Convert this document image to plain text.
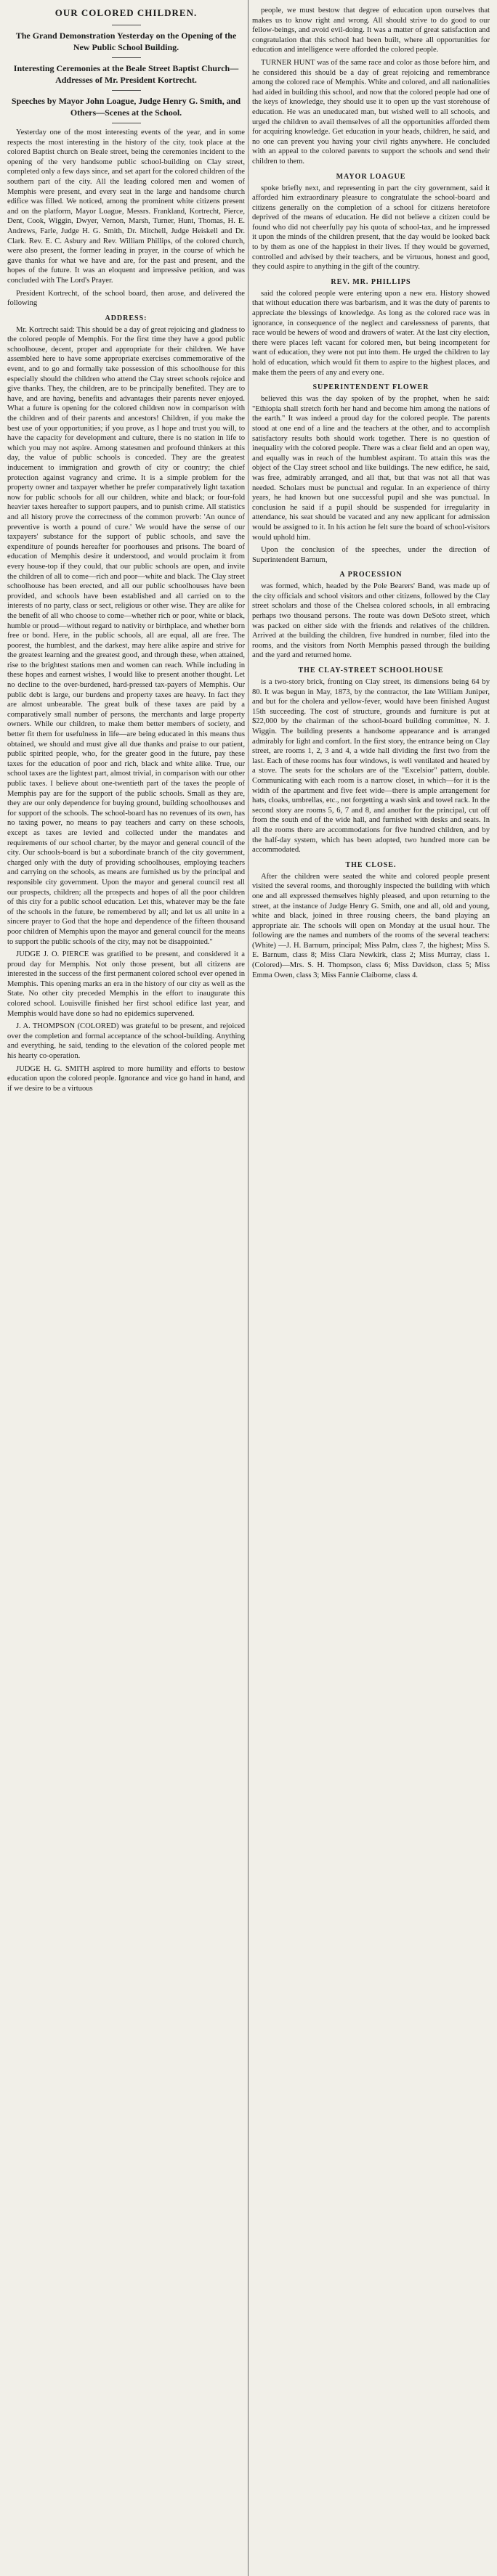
OUR COLORED CHILDREN.
The Grand Demonstration Yesterday on the Opening of the New Public School Building.
Interesting Ceremonies at the Beale Street Baptist Church—Addresses of Mr. President Kortrecht.
Speeches by Mayor John Loague, Judge Henry G. Smith, and Others—Scenes at the School.

Yesterday one of the most interesting events of the year, and in some respects the most interesting in the history of the city, took place at the colored Baptist church on Beale street, being the ceremonies incident to the opening of the very handsome public school-building on Clay street, completed only a few days since, and set apart for the colored children of the southern part of the city. All the leading colored men and women of Memphis were present, and every seat in the large and handsome church edifice was filled. We noticed, among the prominent white citizens present and on the platform, Mayor Loague, Messrs. Frankland, Kortrecht, Pierce, Dent, Cook, Wiggin, Dwyer, Vernon, Marsh, Turner, Hunt, Thomas, H. E. Andrews, Farle, Judge H. G. Smith, Dr. Mitchell, Judge Heiskell and Dr. Clark. Rev. E. C. Asbury and Rev. William Phillips, of the colored church, were also present, the former leading in prayer, in the course of which he gave thanks for what we have and are, for the past and present, and the hopes of the future. It was an eloquent and impressive petition, and was concluded with The Lord's Prayer.

President Kortrecht, of the school board, then arose, and delivered the following

ADDRESS:

Mr. Kortrecht said: This should be a day of great rejoicing and gladness to the colored people of Memphis. For the first time they have a good public schoolhouse, decent, proper and appropriate for their children. We have assembled here to have some appropriate exercises commemorative of the event, and to go and formally take possession of this schoolhouse for this especially should the children who attend the Clay street schools rejoice and give thanks. They, the children, are to be principally benefited. They are to have, and are having, benefits and advantages their parents never enjoyed. What a future is opening for the colored children now in comparison with the children and of their parents and ancestors! Children, if you make the best use of your opportunities; if you prove, as I hope and trust you will, to have the capacity for development and culture, there is no station in life to which you may not aspire. Among statesmen and profound thinkers at this day, the value of public schools is conceded. They are the greatest inducement to immigration and growth of city or country; the chief protection against vagrancy and crime. It is a simple problem for the property owner and taxpayer whether he prefer comparatively light taxation now for public schools for all our children, white and black; or four-fold heavier taxes hereafter to support paupers, and to punish crime. All statistics and all history prove the correctness of the common proverb: 'An ounce of preventive is worth a pound of cure.' We would have the sense of our taxpayers' substance for the support of public schools, and save the expenditure of pounds hereafter for poorhouses and prisons. The board of education of Memphis desire it understood, and would proclaim it from every house-top if they could, that our public schools are open, and invite the children of all to come—rich and poor—white and black. The Clay street schoolhouse has been erected, and all our public schoolhouses have been provided, and schools have been established and all carried on to the interests of no party, class or sect, religious or other wise. They are alike for the benefit of all who choose to come—whether rich or poor, white or black, humble or proud—without regard to nativity or birthplace, and whether born free or bond. Here, in the public schools, all are equal, all are free. The poorest, the humblest, and the darkest, may here alike aspire and strive for the greatest learning and the greatest good, and through these, when attained, rise to the brightest stations men and women can reach. While including in these hopes and earnest wishes, I would like to present another thought. Let no decline to the over-burdened, hard-pressed tax-payers of Memphis. Our public debt is large, our burdens and property taxes are heavy. In fact they are almost unbearable. The great bulk of these taxes are paid by a comparatively small number of persons, the merchants and large property owners. While our children, to make them better members of society, and better fit them for usefulness in life—are being educated in this means thus obtained, we should and must give all due thanks and praise to our patient, public spirited people, who, for the greater good in the future, pay these taxes for the education of poor and rich, black and white alike. True, our school taxes are the lightest part, almost trivial, in comparison with our other public taxes. I believe about one-twentieth part of the taxes the people of Memphis pay are for the support of the public schools. Small as they are, they are our only dependence for buying ground, building schoolhouses and for support of the schools. The school-board has no revenues of its own, has no taxing power, no means to pay teachers and carry on these schools, except as taxes are levied and collected under the mandates and requirements of our school charter, by the mayor and general council of the city. Our schools-board is but a subordinate branch of the city government, charged only with the duty of providing schoolhouses, employing teachers and carrying on the schools, as means are furnished us by the principal and responsible city government. Upon the mayor and general council rest all our prospects, children; all the prospects and hopes of all the poor children of this city for a public school education. Let this, whatever may be the fate of the schools in the future, be remembered by all; and let us all unite in a sincere prayer to God that the hope and dependence of the fifteen thousand poor children of Memphis upon the mayor and general council for the means to support the public schools of the city, may not be disappointed."

JUDGE J. O. PIERCE was gratified to be present, and considered it a proud day for Memphis. Not only those present, but all citizens are interested in the success of the first permanent colored school ever opened in Memphis. This opening marks an era in the history of our city as well as the State. No other city preceded Memphis in the effort to inaugurate this colored school. Louisville finished her first school edifice last year, and Memphis would have done so had no epidemics supervened.

J. A. THOMPSON (COLORED) was grateful to be present, and rejoiced over the completion and formal acceptance of the school-building. Anything and everything, he said, tending to the elevation of the colored people met his hearty co-operation.

JUDGE H. G. SMITH aspired to more humility and efforts to bestow education upon the colored people. Ignorance and vice go hand in hand, and if we desire to be a virtuous

people, we must bestow that degree of education upon ourselves that makes us to know right and wrong. All should strive to do good to our fellow-beings, and avoid evil-doing. It was a matter of great satisfaction and congratulation that this school had been built, where all opportunities for education and intelligence were afforded the colored people.

TURNER HUNT was of the same race and color as those before him, and he considered this should be a day of great rejoicing and remembrance among the colored race of Memphis. White and colored, and all nationalities had aided in building this school, and now that the colored people had one of the keys of knowledge, they should use it to open up the vast storehouse of education. He was an uneducated man, but wished well to all schools, and urged the children to avail themselves of all the opportunities afforded them for acquiring knowledge. Get education in your heads, children, he said, and no one can prevent you having your civil rights anywhere. He concluded with an appeal to the colored parents to support the schools and send their children to them.

MAYOR LOAGUE

spoke briefly next, and representing in part the city government, said it afforded him extraordinary pleasure to congratulate the school-board and citizens generally on the completion of a school for citizens heretofore deprived of the means of education. He did not believe a citizen could be found who did not cheerfully pay his quota of school-tax, and he impressed it upon the minds of the children present, that the day would be looked back to by them as one of the happiest in their lives. If they would be governed, controlled and advised by their teachers, and be virtuous, honest and good, they could aspire to anything in the gift of the country.

REV. MR. PHILLIPS

said the colored people were entering upon a new era. History showed that without education there was barbarism, and it was the duty of parents to appreciate the blessings of knowledge. As long as the colored race was in ignorance, in consequence of the neglect and carelessness of parents, that race would be hewers of wood and drawers of water. At the last city election, there were places left vacant for colored men, but being incompetent for want of education, they were not put into them. He urged the children to lay hold of education, which would fit them to aspire to the highest places, and make them the peers of any and every one.

SUPERINTENDENT FLOWER

believed this was the day spoken of by the prophet, when he said: "Ethiopia shall stretch forth her hand and become him among the nations of the earth." It was indeed a proud day for the colored people. The parents stood at one end of a line and the teachers at the other, and to accomplish satisfactory results both should work together. There is no question of inequality with the colored people. There was a clear field and an open way, and equally was in reach of the humblest aspirant. To attain this was the object of the Clay street school and like buildings. The new edifice, he said, was free, admirably arranged, and all that, but that was not all that was needed. Scholars must be punctual and regular. In an experience of thirty years, he had known but one successful pupil and she was punctual. In conclusion he said if a pupil should be suspended for irregularity in attendance, his seat should be vacated and any new applicant for admission would be assigned to it. In his action he felt sure the board of school-visitors would uphold him.

Upon the conclusion of the speeches, under the direction of Superintendent Barnum,

A PROCESSION

was formed, which, headed by the Pole Bearers' Band, was made up of the city officials and school visitors and other citizens, followed by the Clay street scholars and those of the Chelsea colored schools, in all embracing perhaps two thousand persons. The route was down DeSoto street, which was packed on either side with the friends and relatives of the children. Arrived at the building the children, five hundred in number, filed into the rooms, and the visitors from North Memphis passed through the building and the yard and returned home.

THE CLAY-STREET SCHOOLHOUSE

is a two-story brick, fronting on Clay street, its dimensions being 64 by 80. It was begun in May, 1873, by the contractor, the late William Juniper, and but for the cholera and yellow-fever, would have been finished August 15th succeeding. The cost of structure, grounds and furniture is put at $22,000 by the chairman of the school-board building committee, N. J. Wiggin. The building presents a handsome appearance and is arranged admirably for light and comfort. In the first story, the entrance being on Clay street, are rooms 1, 2, 3 and 4, a wide hall dividing the first two from the last. Each of these rooms has four windows, is well ventilated and heated by a stove. The seats for the scholars are of the "Excelsior" pattern, double. Communicating with each room is a narrow closet, in which—for it is the width of the apartment and five feet wide—there is ample arrangement for hats, cloaks, umbrellas, etc., not forgetting a wash sink and towel rack. In the second story are rooms 5, 6, 7 and 8, and another for the principal, cut off from the south end of the wide hall, and furnished with desks and seats. In all the rooms there are accommodations for five hundred children, and by the half-day system, which has been adopted, two hundred more can be accommodated.

THE CLOSE.

After the children were seated the white and colored people present visited the several rooms, and thoroughly inspected the building with which one and all expressed themselves highly pleased, and upon returning to the street, at the instance of Judge Henry G. Smith, one and all, old and young, white and black, joined in three rousing cheers, the band playing an appropriate air. The schools will open on Monday at the usual hour. The following are the names and numbers of the rooms of the several teachers: (White) —J. H. Barnum, principal; Miss Palm, class 7, the highest; Miss S. E. Barnum, class 8; Miss Clara Newkirk, class 2; Miss Murray, class 1. (Colored)—Mrs. S. H. Thompson, class 6; Miss Davidson, class 5; Miss Emma Owen, class 3; Miss Fannie Claiborne, class 4.
